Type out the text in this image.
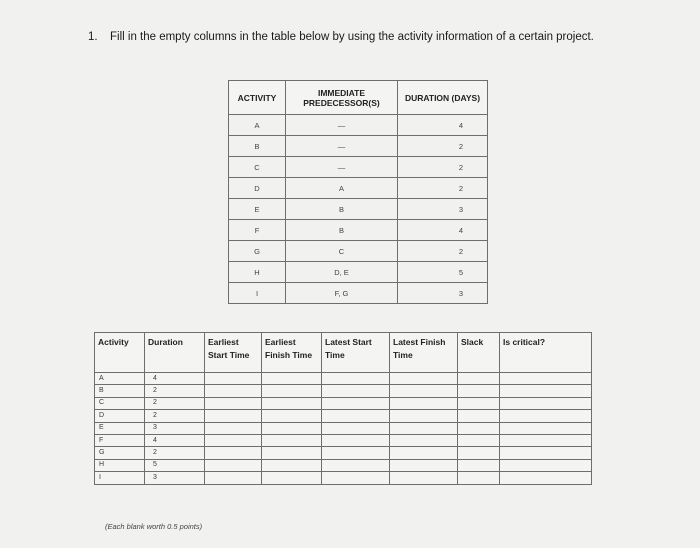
1. Fill in the empty columns in the table below by using the activity information of a certain project.
ACTIVITY	IMMEDIATE PREDECESSOR(S)	DURATION (DAYS)
A	—	4
B	—	2
C	—	2
D	A	2
E	B	3
F	B	4
G	C	2
H	D, E	5
I	F, G	3
Activity	Duration	Earliest Start Time	Earliest Finish Time	Latest Start Time	Latest Finish Time	Slack	Is critical?
A	4						
B	2						
C	2						
D	2						
E	3						
F	4						
G	2						
H	5						
I	3						
(Each blank worth 0.5 points)
